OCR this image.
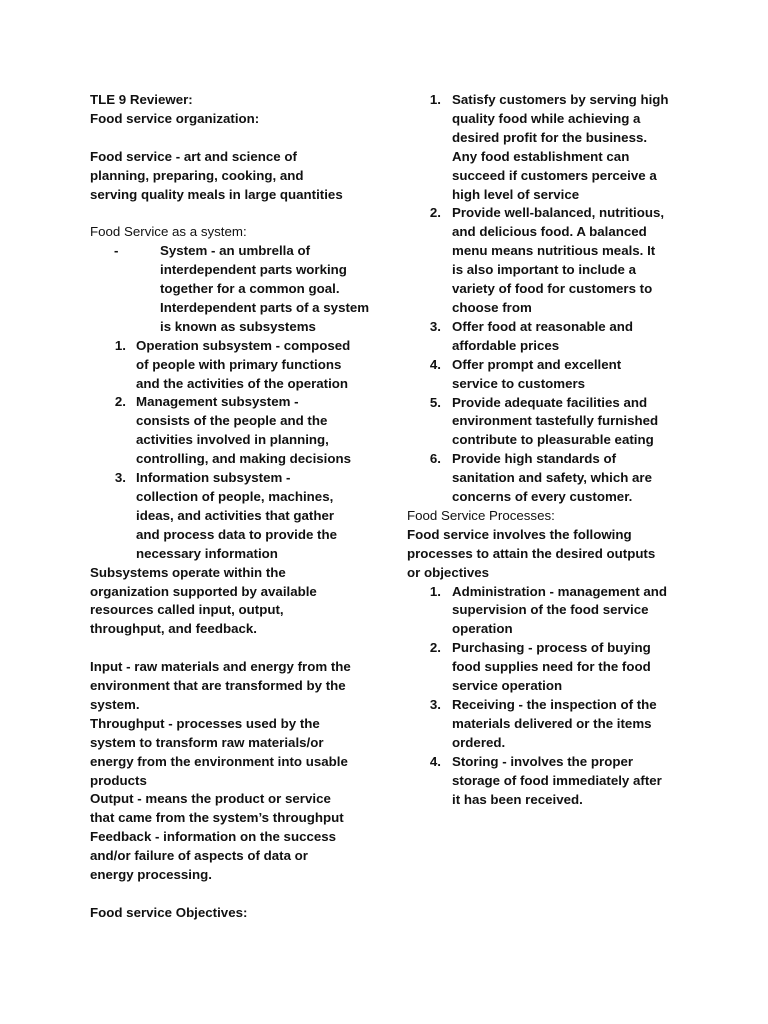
TLE 9 Reviewer:
Food service organization:
Food service - art and science of
planning, preparing, cooking, and
serving quality meals in large quantities
Food Service as a system:
-	System - an umbrella of
interdependent parts working
together for a common goal.
Interdependent parts of a system
is known as subsystems
1. Operation subsystem - composed
of people with primary functions
and the activities of the operation
2. Management subsystem -
consists of the people and the
activities involved in planning,
controlling, and making decisions
3. Information subsystem -
collection of people, machines,
ideas, and activities that gather
and process data to provide the
necessary information
Subsystems operate within the
organization supported by available
resources called input, output,
throughput, and feedback.
Input - raw materials and energy from the
environment that are transformed by the
system.
Throughput - processes used by the
system to transform raw materials/or
energy from the environment into usable
products
Output - means the product or service
that came from the system’s throughput
Feedback - information on the success
and/or failure of aspects of data or
energy processing.
Food service Objectives:
1. Satisfy customers by serving high
quality food while achieving a
desired profit for the business.
Any food establishment can
succeed if customers perceive a
high level of service
2. Provide well-balanced, nutritious,
and delicious food. A balanced
menu means nutritious meals. It
is also important to include a
variety of food for customers to
choose from
3. Offer food at reasonable and
affordable prices
4. Offer prompt and excellent
service to customers
5. Provide adequate facilities and
environment tastefully furnished
contribute to pleasurable eating
6. Provide high standards of
sanitation and safety, which are
concerns of every customer.
Food Service Processes:
Food service involves the following
processes to attain the desired outputs
or objectives
1. Administration - management and
supervision of the food service
operation
2. Purchasing - process of buying
food supplies need for the food
service operation
3. Receiving - the inspection of the
materials delivered or the items
ordered.
4. Storing - involves the proper
storage of food immediately after
it has been received.
